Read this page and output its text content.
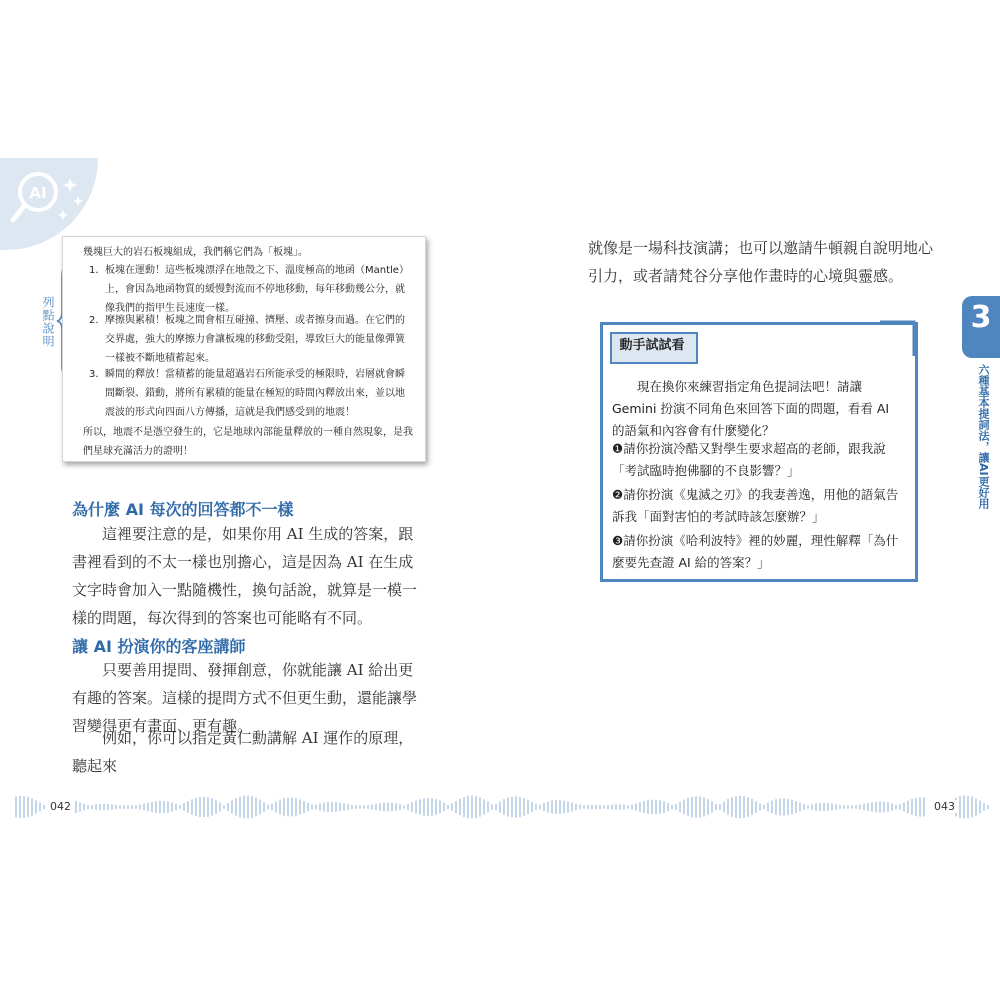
AI
列點說明

幾塊巨大的岩石板塊組成，我們稱它們為「板塊」。

1. 板塊在運動！這些板塊漂浮在地殼之下、溫度極高的地函（Mantle）上，會因為地函物質的緩慢對流而不停地移動，每年移動幾公分，就像我們的指甲生長速度一樣。
2. 摩擦與累積！板塊之間會相互碰撞、擠壓、或者擦身而過。在它們的交界處，強大的摩擦力會讓板塊的移動受阻，導致巨大的能量像彈簧一樣被不斷地積蓄起來。
3. 瞬間的釋放！當積蓄的能量超過岩石所能承受的極限時，岩層就會瞬間斷裂、錯動，將所有累積的能量在極短的時間內釋放出來，並以地震波的形式向四面八方傳播，這就是我們感受到的地震！

所以，地震不是憑空發生的，它是地球內部能量釋放的一種自然現象，是我們星球充滿活力的證明！

為什麼 AI 每次的回答都不一樣

這裡要注意的是，如果你用 AI 生成的答案，跟書裡看到的不太一樣也別擔心，這是因為 AI 在生成文字時會加入一點隨機性，換句話說，就算是一模一樣的問題，每次得到的答案也可能略有不同。

讓 AI 扮演你的客座講師

只要善用提問、發揮創意，你就能讓 AI 給出更有趣的答案。這樣的提問方式不但更生動，還能讓學習變得更有畫面、更有趣。

例如，你可以指定黃仁勳講解 AI 運作的原理，聽起來

就像是一場科技演講；也可以邀請牛頓親自說明地心引力，或者請梵谷分享他作畫時的心境與靈感。

動手試試看
現在換你來練習指定角色提詞法吧！請讓 Gemini 扮演不同角色來回答下面的問題，看看 AI 的語氣和內容會有什麼變化？
❶請你扮演冷酷又對學生要求超高的老師，跟我說「考試臨時抱佛腳的不良影響？」
❷請你扮演《鬼滅之刃》的我妻善逸，用他的語氣告訴我「面對害怕的考試時該怎麼辦？」
❸請你扮演《哈利波特》裡的妙麗，理性解釋「為什麼要先查證 AI 給的答案？」
3
六種基本提詞法，讓AI更好用
042	043
